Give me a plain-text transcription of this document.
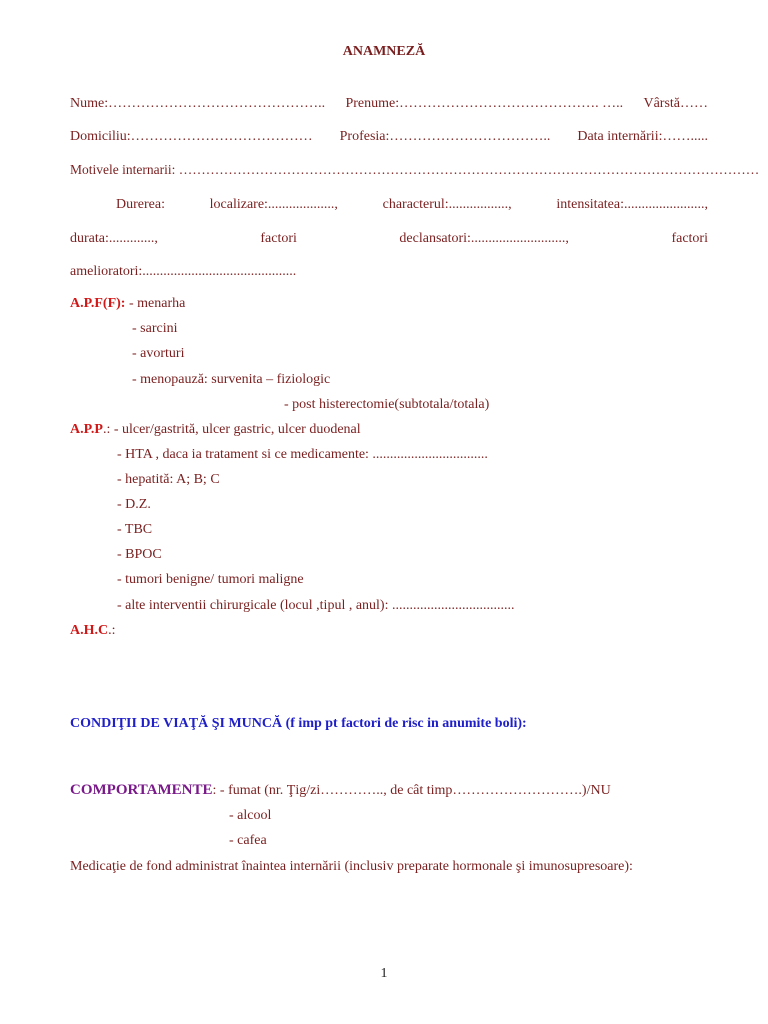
ANAMNEZĂ
Nume:……………………………………….. Prenume:……………………………………. ….. Vârstă……
Domiciliu:………………………………… Profesia:…………………………….. Data internării:…….....
Motivele internarii: …………………………………………………………………………………………………………………
Durerea:	localizare:...................,	characterul:.................,	intensitatea:.......................,
durata:.............,	factori	declansatori:...........................,	factori
amelioratori:............................................
A.P.F(F): - menarha
- sarcini
- avorturi
- menopauză: survenita – fiziologic
- post histerectomie(subtotala/totala)
A.P.P.: - ulcer/gastrită, ulcer gastric, ulcer duodenal
- HTA , daca ia tratament si ce medicamente: .................................
- hepatită: A; B; C
- D.Z.
- TBC
- BPOC
- tumori benigne/ tumori maligne
- alte interventii chirurgicale (locul ,tipul , anul): ...................................
A.H.C.:
CONDIŢII DE VIAŢĂ ŞI MUNCĂ (f imp pt factori de risc in anumite boli):
COMPORTAMENTE: - fumat (nr. Ţig/zi………….., de cât timp……………………….)/NU
- alcool
- cafea
Medicaţie de fond administrat înaintea internării (inclusiv preparate hormonale şi imunosupresoare):
1
